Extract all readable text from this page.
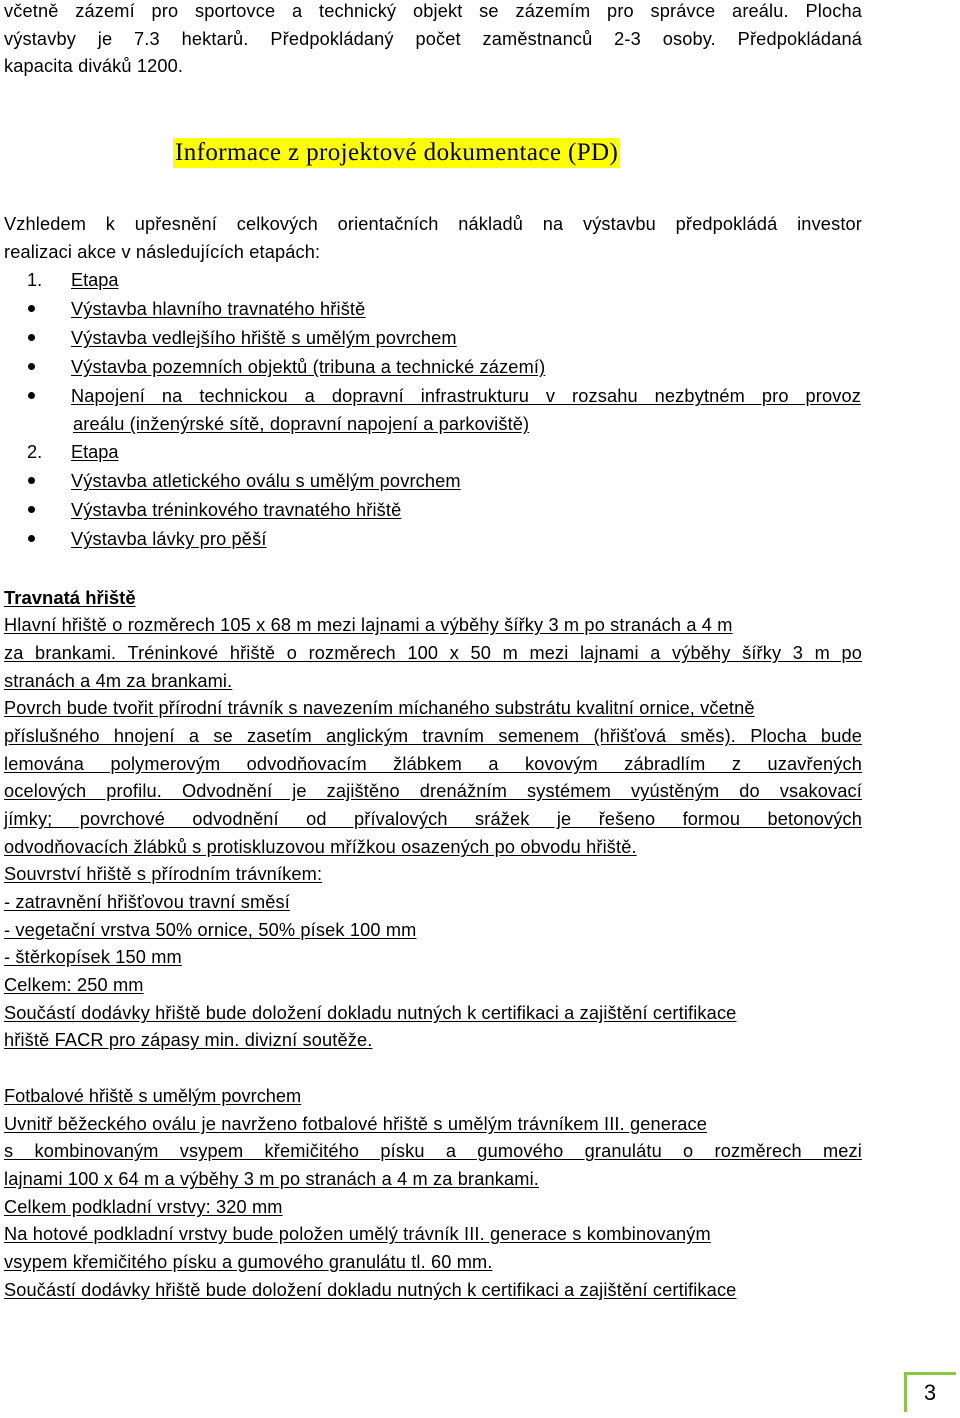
včetně zázemí pro sportovce a technický objekt se zázemím pro správce areálu. Plocha
výstavby je 7.3 hektarů. Předpokládaný počet zaměstnanců 2-3 osoby. Předpokládaná
kapacita diváků 1200.
Informace z projektové dokumentace (PD)
Vzhledem k upřesnění celkových orientačních nákladů na výstavbu předpokládá investor
realizaci akce v následujících etapách:
1. Etapa
Výstavba hlavního travnatého hřiště
Výstavba vedlejšího hřiště s umělým povrchem
Výstavba pozemních objektů (tribuna a technické zázemí)
Napojení na technickou a dopravní infrastrukturu v rozsahu nezbytném pro provoz
areálu (inženýrské sítě, dopravní napojení a parkoviště)
2. Etapa
Výstavba atletického oválu s umělým povrchem
Výstavba tréninkového travnatého hřiště
Výstavba lávky pro pěší
Travnatá hřiště
Hlavní hřiště o rozměrech 105 x 68 m mezi lajnami a výběhy šířky 3 m po stranách a 4 m
za brankami. Tréninkové hřiště o rozměrech 100 x 50 m mezi lajnami a výběhy šířky 3 m po
stranách a 4m za brankami.
Povrch bude tvořit přírodní trávník s navezením míchaného substrátu kvalitní ornice, včetně
příslušného hnojení a se zasetím anglickým travním semenem (hřišťová směs). Plocha bude
lemována polymerovým odvodňovacím žlábkem a kovovým zábradlím z uzavřených
ocelových profilu. Odvodnění je zajištěno drenážním systémem vyústěným do vsakovací
jímky; povrchové odvodnění od přívalových srážek je řešeno formou betonových
odvodňovacích žlábků s protiskluzovou mřížkou osazených po obvodu hřiště.
Souvrství hřiště s přírodním trávníkem:
- zatravnění hřišťovou travní směsí
- vegetační vrstva 50% ornice, 50% písek 100 mm
- štěrkopísek 150 mm
Celkem: 250 mm
Součástí dodávky hřiště bude doložení dokladu nutných k certifikaci a zajištění certifikace
hřiště FACR pro zápasy min. divizní soutěže.
Fotbalové hřiště s umělým povrchem
Uvnitř běžeckého oválu je navrženo fotbalové hřiště s umělým trávníkem III. generace
s kombinovaným vsypem křemičitého písku a gumového granulátu o rozměrech mezi
lajnami 100 x 64 m a výběhy 3 m po stranách a 4 m za brankami.
Celkem podkladní vrstvy: 320 mm
Na hotové podkladní vrstvy bude položen umělý trávník III. generace s kombinovaným
vsypem křemičitého písku a gumového granulátu tl. 60 mm.
Součástí dodávky hřiště bude doložení dokladu nutných k certifikaci a zajištění certifikace
3
